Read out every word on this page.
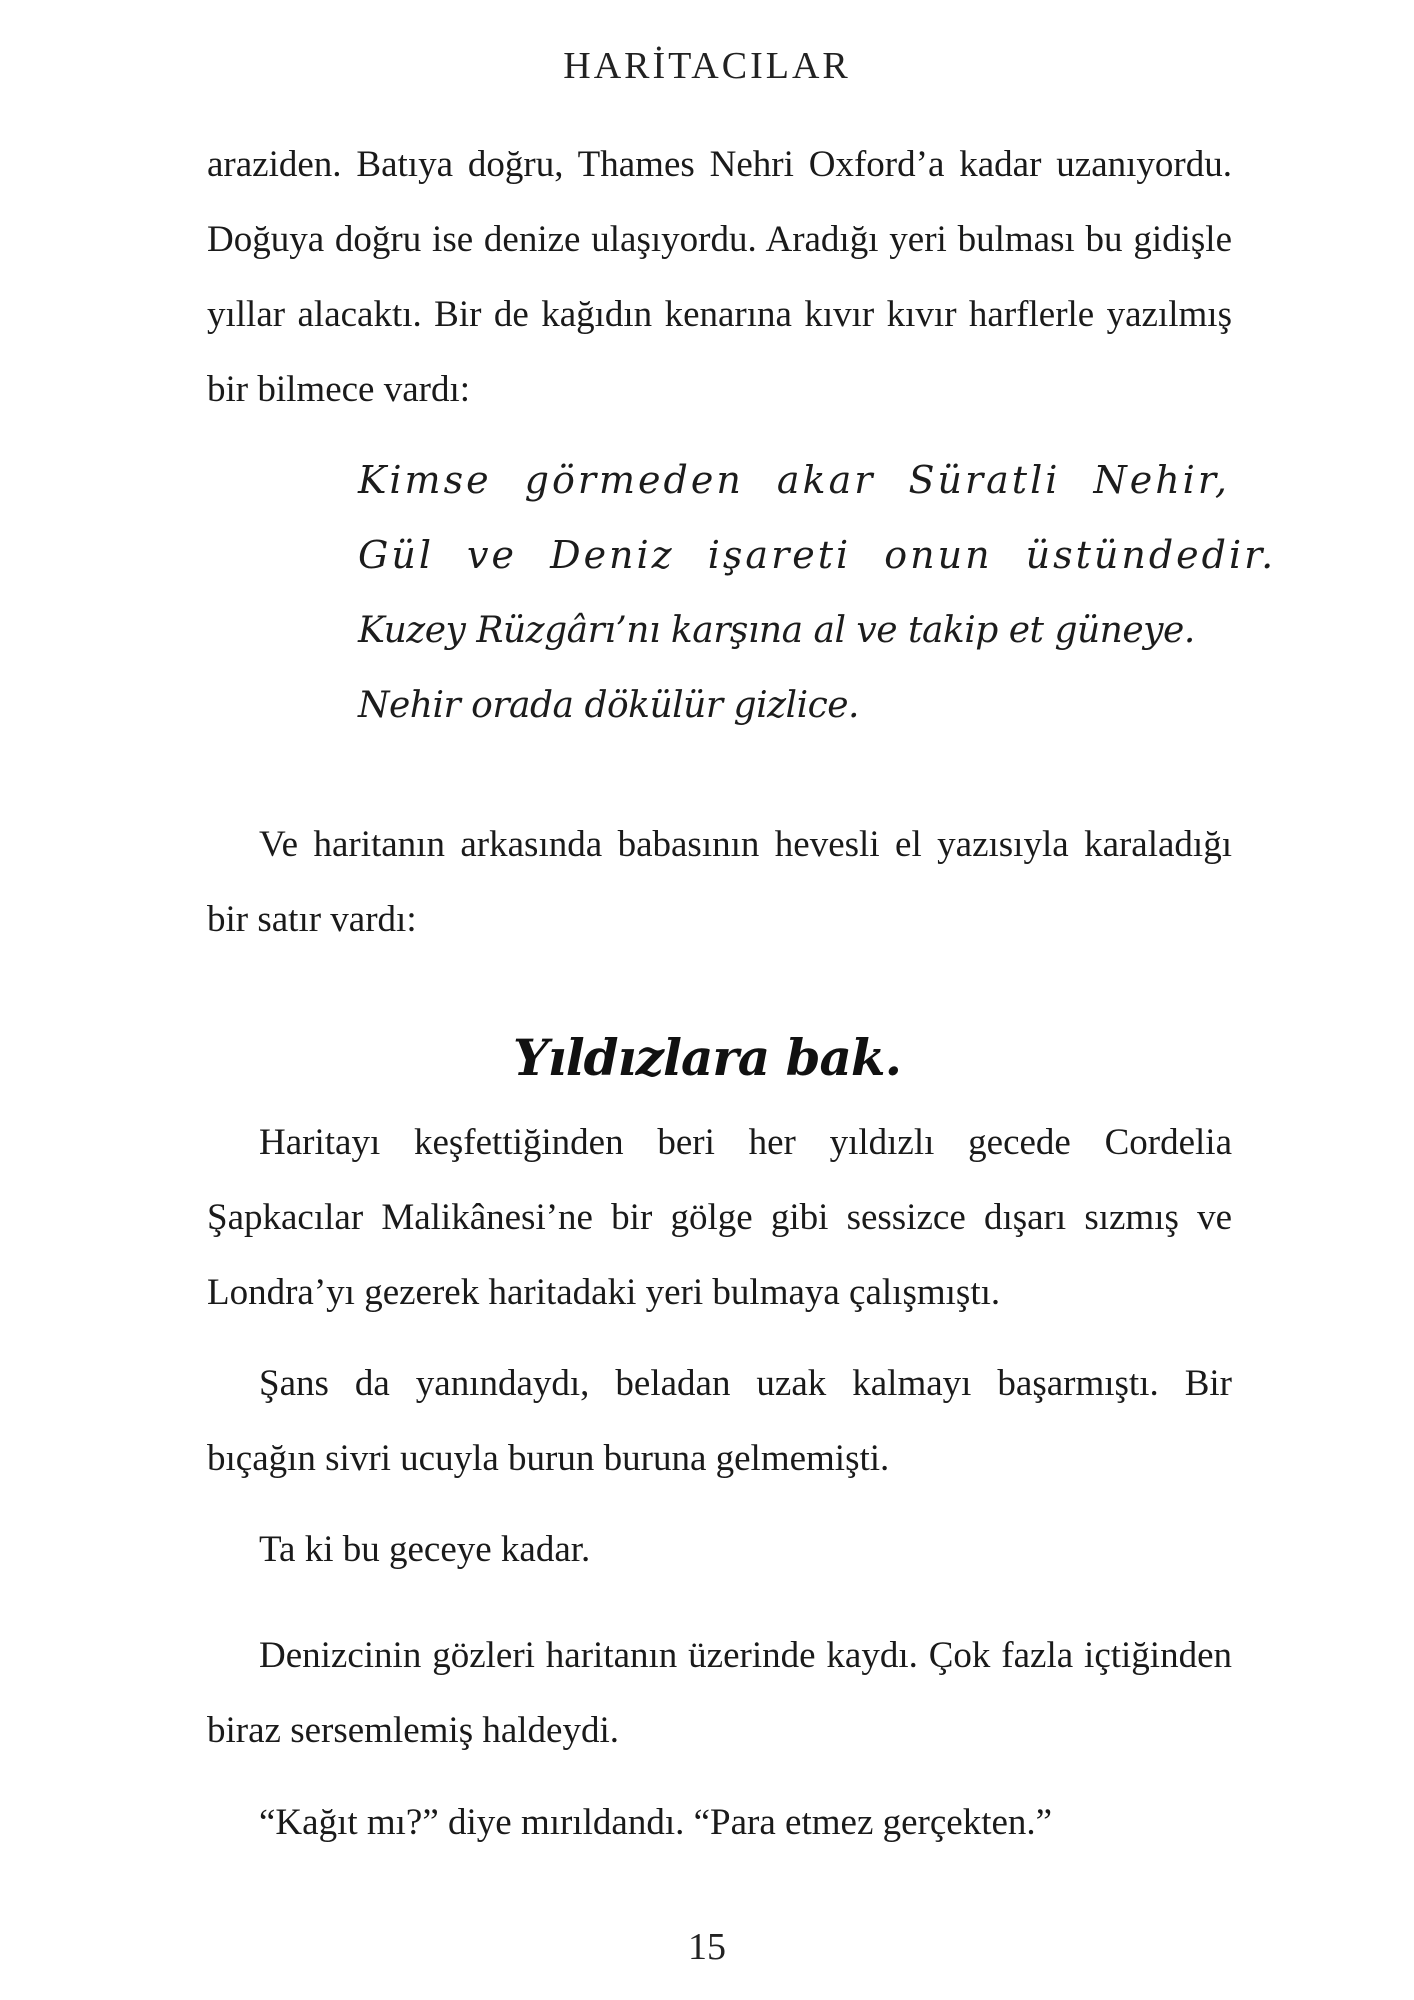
HARİTACILAR

araziden. Batıya doğru, Thames Nehri Oxford’a kadar uzanıyordu. Doğuya doğru ise denize ulaşıyordu. Aradığı yeri bulması bu gidişle yıllar alacaktı. Bir de kağıdın kenarına kıvır kıvır harflerle yazılmış bir bilmece vardı:

Kimse görmeden akar Süratli Nehir,
Gül ve Deniz işareti onun üstündedir.
Kuzey Rüzgârı’nı karşına al ve takip et güneye.
Nehir orada dökülür gizlice.

Ve haritanın arkasında babasının hevesli el yazısıyla karaladığı bir satır vardı:

Yıldızlara bak.

Haritayı keşfettiğinden beri her yıldızlı gecede Cordelia Şapkacılar Malikânesi’ne bir gölge gibi sessizce dışarı sızmış ve Londra’yı gezerek haritadaki yeri bulmaya çalışmıştı.

Şans da yanındaydı, beladan uzak kalmayı başarmıştı. Bir bıçağın sivri ucuyla burun buruna gelmemişti.

Ta ki bu geceye kadar.

Denizcinin gözleri haritanın üzerinde kaydı. Çok fazla içtiğinden biraz sersemlemiş haldeydi.

“Kağıt mı?” diye mırıldandı. “Para etmez gerçekten.”

15
